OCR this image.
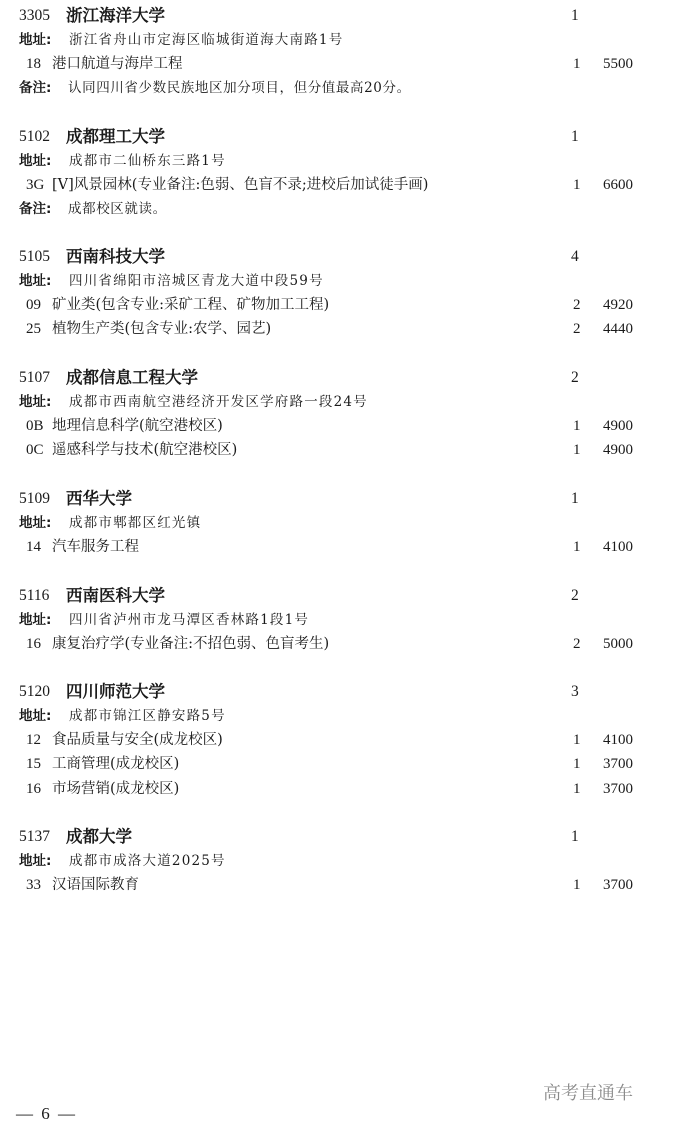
3305 浙江海洋大学	1
地址: 浙江省舟山市定海区临城街道海大南路1号
18 港口航道与海岸工程	1 5500
备注: 认同四川省少数民族地区加分项目，但分值最高20分。
5102 成都理工大学	1
地址: 成都市二仙桥东三路1号
3G [Ⅴ]风景园林(专业备注:色弱、色盲不录;进校后加试徒手画)	1 6600
备注: 成都校区就读。
5105 西南科技大学	4
地址: 四川省绵阳市涪城区青龙大道中段59号
09 矿业类(包含专业:采矿工程、矿物加工工程)	2 4920
25 植物生产类(包含专业:农学、园艺)	2 4440
5107 成都信息工程大学	2
地址: 成都市西南航空港经济开发区学府路一段24号
0B 地理信息科学(航空港校区)	1 4900
0C 遥感科学与技术(航空港校区)	1 4900
5109 西华大学	1
地址: 成都市郫都区红光镇
14 汽车服务工程	1 4100
5116 西南医科大学	2
地址: 四川省泸州市龙马潭区香林路1段1号
16 康复治疗学(专业备注:不招色弱、色盲考生)	2 5000
5120 四川师范大学	3
地址: 成都市锦江区静安路5号
12 食品质量与安全(成龙校区)	1 4100
15 工商管理(成龙校区)	1 3700
16 市场营销(成龙校区)	1 3700
5137 成都大学	1
地址: 成都市成洛大道2025号
33 汉语国际教育	1 3700
高考直通车
— 6 —
